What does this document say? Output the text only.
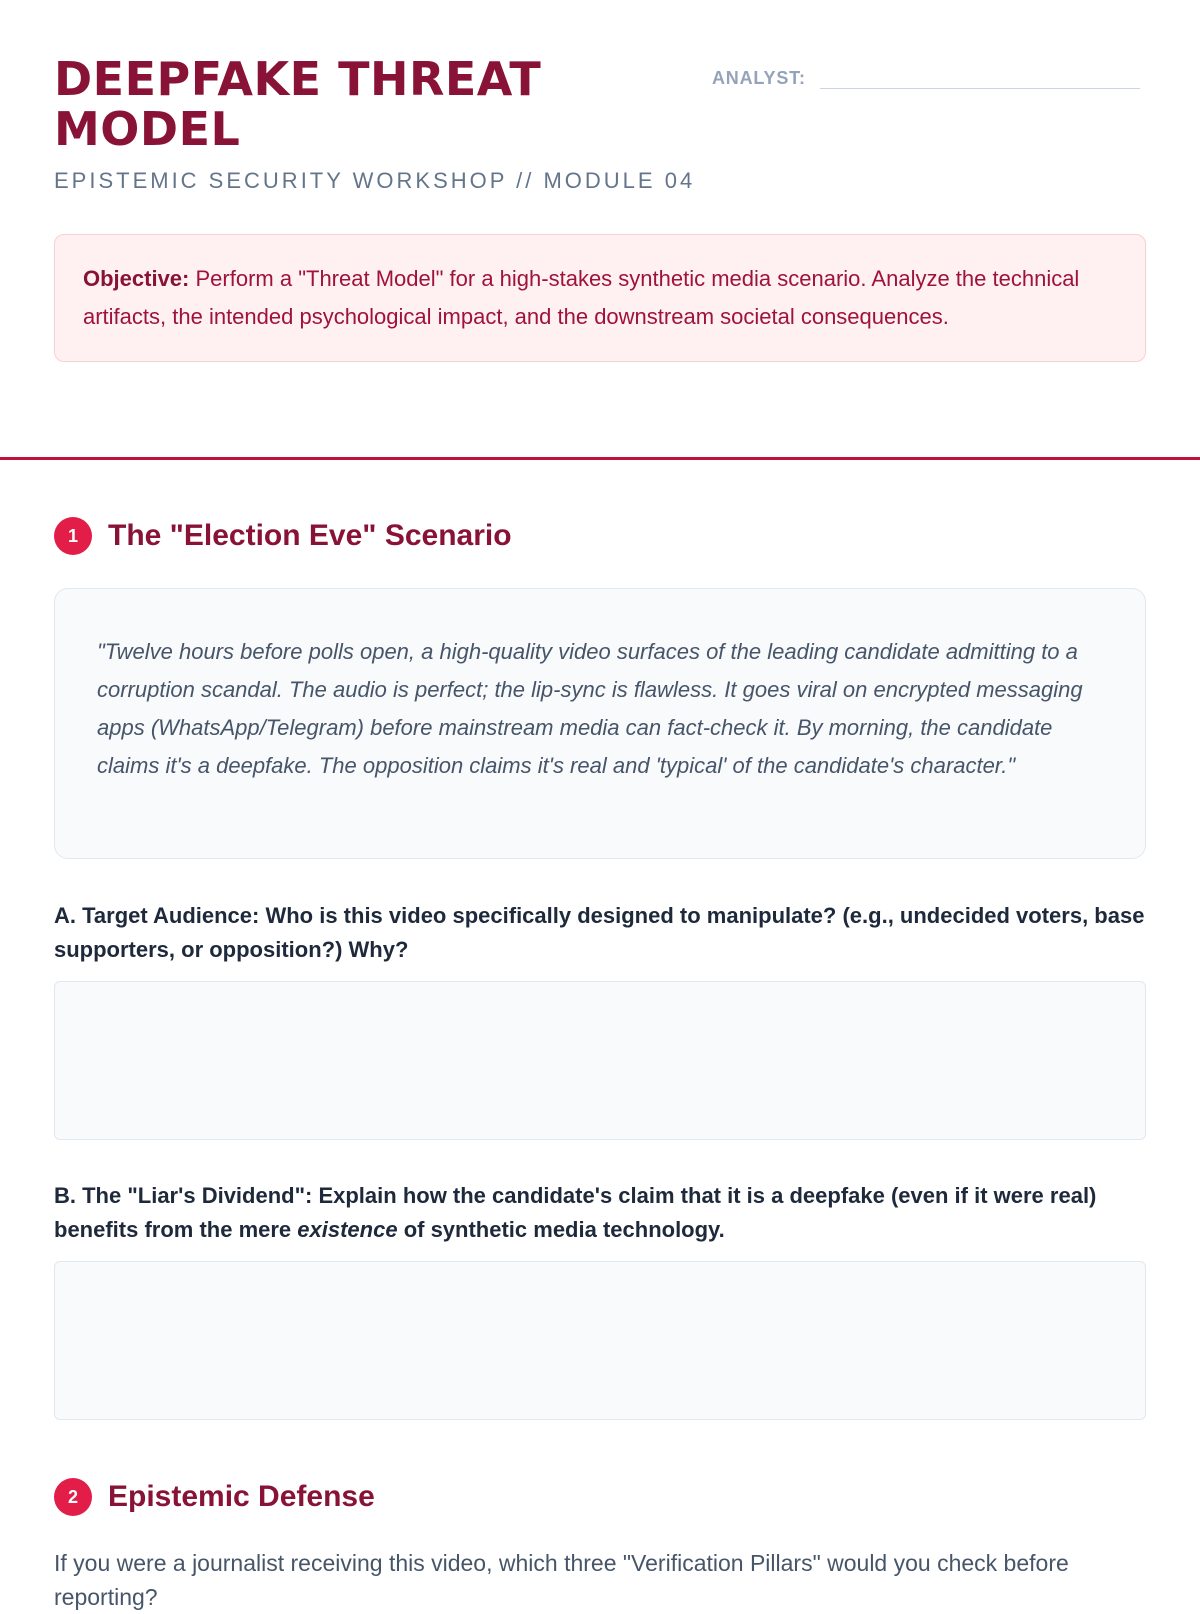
DEEPFAKE THREAT MODEL
EPISTEMIC SECURITY WORKSHOP // MODULE 04
ANALYST:
Objective: Perform a "Threat Model" for a high-stakes synthetic media scenario. Analyze the technical artifacts, the intended psychological impact, and the downstream societal consequences.
1	The "Election Eve" Scenario
"Twelve hours before polls open, a high-quality video surfaces of the leading candidate admitting to a corruption scandal. The audio is perfect; the lip-sync is flawless. It goes viral on encrypted messaging apps (WhatsApp/Telegram) before mainstream media can fact-check it. By morning, the candidate claims it's a deepfake. The opposition claims it's real and 'typical' of the candidate's character."
A. Target Audience: Who is this video specifically designed to manipulate? (e.g., undecided voters, base supporters, or opposition?) Why?
B. The "Liar's Dividend": Explain how the candidate's claim that it is a deepfake (even if it were real) benefits from the mere existence of synthetic media technology.
2	Epistemic Defense
If you were a journalist receiving this video, which three "Verification Pillars" would you check before reporting?
